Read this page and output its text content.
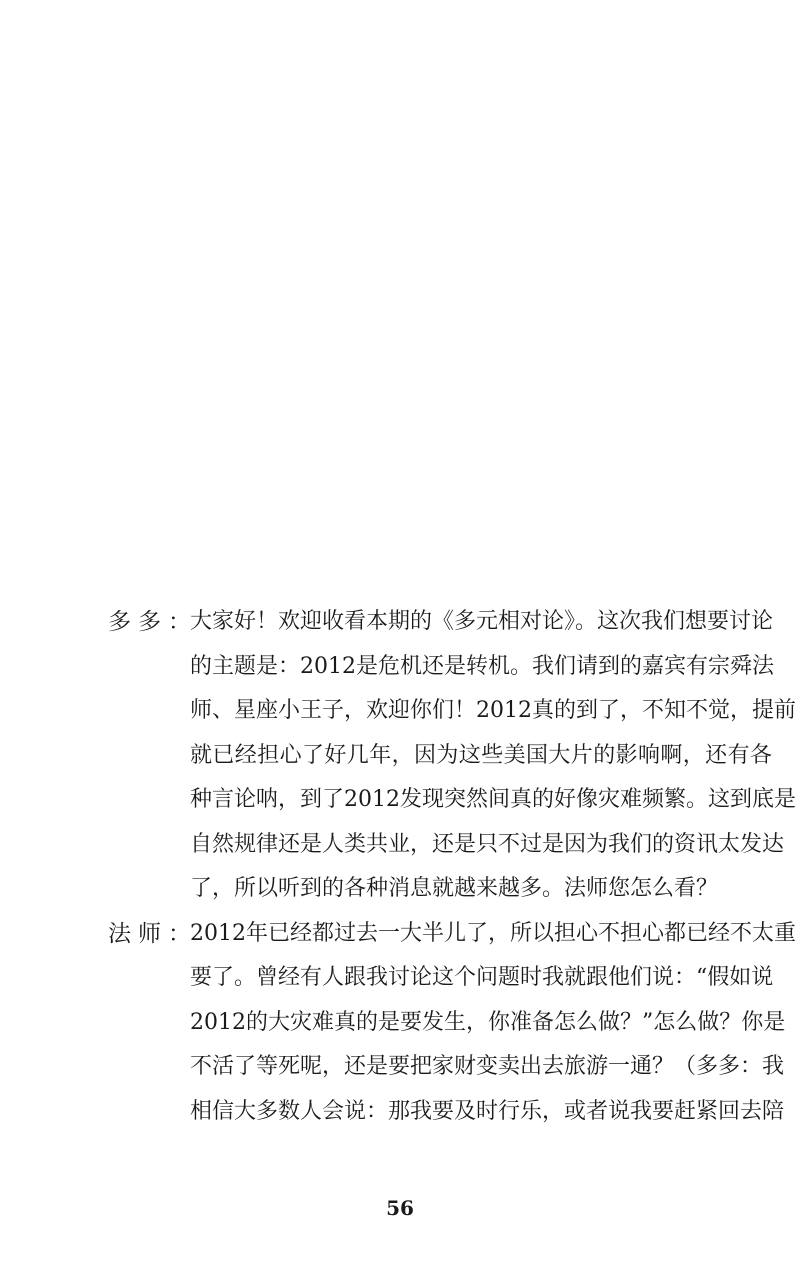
多 多 ： 大家好！欢迎收看本期的《多元相对论》。这次我们想要讨论
的主题是：2012是危机还是转机。我们请到的嘉宾有宗舜法
师、星座小王子，欢迎你们！2012真的到了，不知不觉，提前
就已经担心了好几年，因为这些美国大片的影响啊，还有各
种言论呐，到了2012发现突然间真的好像灾难频繁。这到底是
自然规律还是人类共业，还是只不过是因为我们的资讯太发达
了，所以听到的各种消息就越来越多。法师您怎么看？
法 师 ： 2012年已经都过去一大半儿了，所以担心不担心都已经不太重
要了。曾经有人跟我讨论这个问题时我就跟他们说：“假如说
2012的大灾难真的是要发生，你准备怎么做？”怎么做？你是
不活了等死呢，还是要把家财变卖出去旅游一通？（多多：我
相信大多数人会说：那我要及时行乐，或者说我要赶紧回去陪
56
